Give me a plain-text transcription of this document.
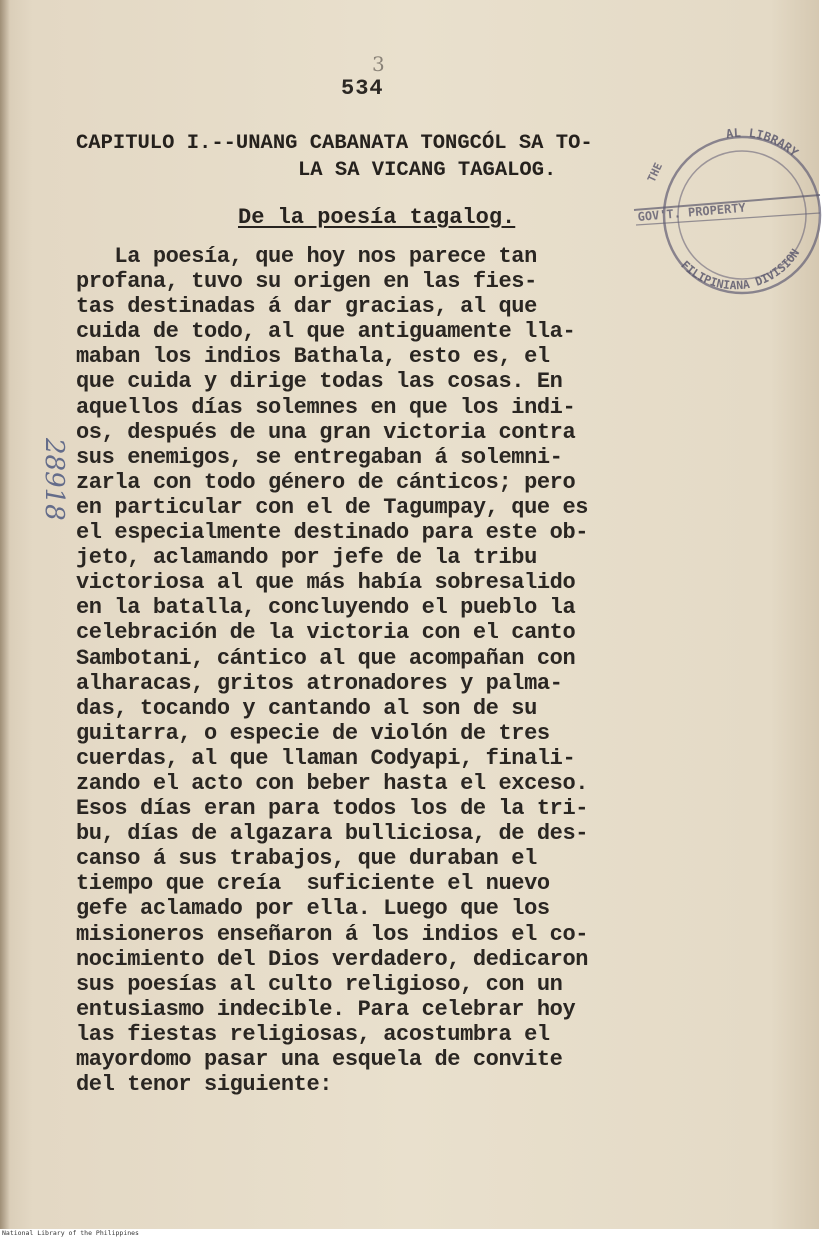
3
534
CAPITULO I.--UNANG CABANATA TONGCÓL SA TO-
LA SA VICANG TAGALOG.
De la poesía tagalog.
La poesía, que hoy nos parece tan
profana, tuvo su origen en las fies-
tas destinadas á dar gracias, al que
cuida de todo, al que antiguamente lla-
maban los indios Bathala, esto es, el
que cuida y dirige todas las cosas. En
aquellos días solemnes en que los indi-
os, después de una gran victoria contra
sus enemigos, se entregaban á solemni-
zarla con todo género de cánticos; pero
en particular con el de Tagumpay, que es
el especialmente destinado para este ob-
jeto, aclamando por jefe de la tribu
victoriosa al que más había sobresalido
en la batalla, concluyendo el pueblo la
celebración de la victoria con el canto
Sambotani, cántico al que acompañan con
alharacas, gritos atronadores y palma-
das, tocando y cantando al son de su
guitarra, o especie de violón de tres
cuerdas, al que llaman Codyapi, finali-
zando el acto con beber hasta el exceso.
Esos días eran para todos los de la tri-
bu, días de algazara bulliciosa, de des-
canso á sus trabajos, que duraban el
tiempo que creía  suficiente el nuevo
gefe aclamado por ella. Luego que los
misioneros enseñaron á los indios el co-
nocimiento del Dios verdadero, dedicaron
sus poesías al culto religioso, con un
entusiasmo indecible. Para celebrar hoy
las fiestas religiosas, acostumbra el
mayordomo pasar una esquela de convite
del tenor siguiente:
AL LIBRARY
THE
GOV'T. PROPERTY
FILIPINIANA DIVISION
28918
National Library of the Philippines
